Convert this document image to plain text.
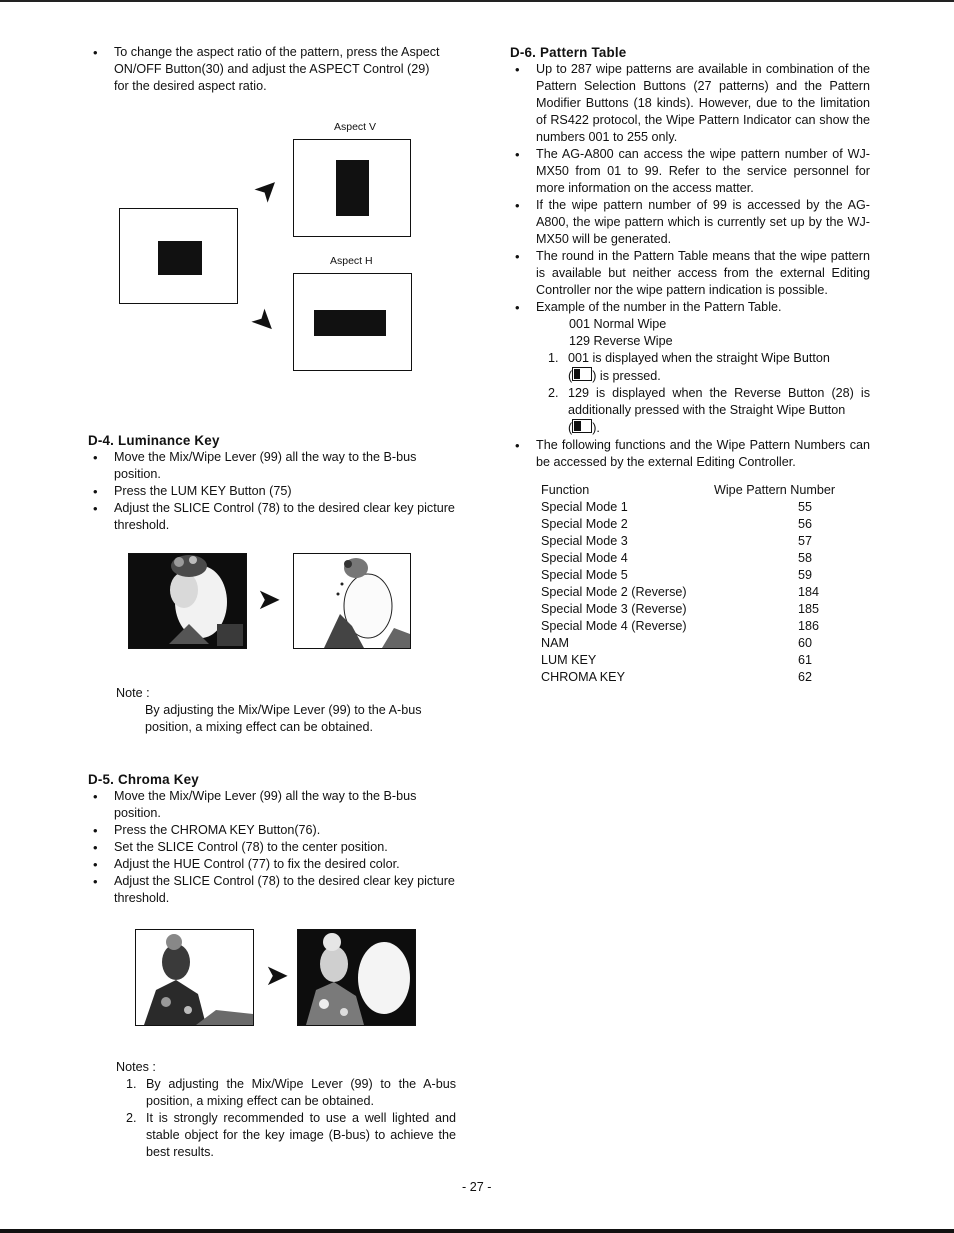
• To change the aspect ratio of the pattern, press the Aspect ON/OFF Button(30) and adjust the ASPECT Control (29) for the desired aspect ratio.

Aspect V
➤
Aspect H
➤
D-4. Luminance Key

• Move the Mix/Wipe Lever (99) all the way to the B-bus position.

• Press the LUM KEY Button (75)

• Adjust the SLICE Control (78) to the desired clear key picture threshold.

➤
Note :
By adjusting the Mix/Wipe Lever (99) to the A-bus position, a mixing effect can be obtained.
D-5. Chroma Key

• Move the Mix/Wipe Lever (99) all the way to the B-bus position.

• Press the CHROMA KEY Button(76).

• Set the SLICE Control (78) to the center position.

• Adjust the HUE Control (77) to fix the desired color.

• Adjust the SLICE Control (78) to the desired clear key picture threshold.

➤
Notes :

1. By adjusting the Mix/Wipe Lever (99) to the A-bus position, a mixing effect can be obtained.

2. It is strongly recommended to use a well lighted and stable object for the key image (B-bus) to achieve the best results.

D-6. Pattern Table

• Up to 287 wipe patterns are available in combination of the Pattern Selection Buttons (27 patterns) and the Pattern Modifier Buttons (18 kinds). However, due to the limitation of RS422 protocol, the Wipe Pattern Indicator can show the numbers 001 to 255 only.

• The AG-A800 can access the wipe pattern number of WJ-MX50 from 01 to 99. Refer to the service personnel for more information on the access matter.

• If the wipe pattern number of 99 is accessed by the AG-A800, the wipe pattern which is currently set up by the WJ-MX50 will be generated.

• The round in the Pattern Table means that the wipe pattern is available but neither access from the external Editing Controller nor the wipe pattern indication is possible.

• Example of the number in the Pattern Table.

001 Normal Wipe
129 Reverse Wipe

1. 001 is displayed when the straight Wipe Button
( ) is pressed.

2. 129 is displayed when the Reverse Button (28) is additionally pressed with the Straight Wipe Button
( ).

• The following functions and the Wipe Pattern Numbers can be accessed by the external Editing Controller.

Function	Wipe Pattern Number
Special Mode 1	55
Special Mode 2	56
Special Mode 3	57
Special Mode 4	58
Special Mode 5	59
Special Mode 2 (Reverse)	184
Special Mode 3 (Reverse)	185
Special Mode 4 (Reverse)	186
NAM	60
LUM KEY	61
CHROMA KEY	62
- 27 -
